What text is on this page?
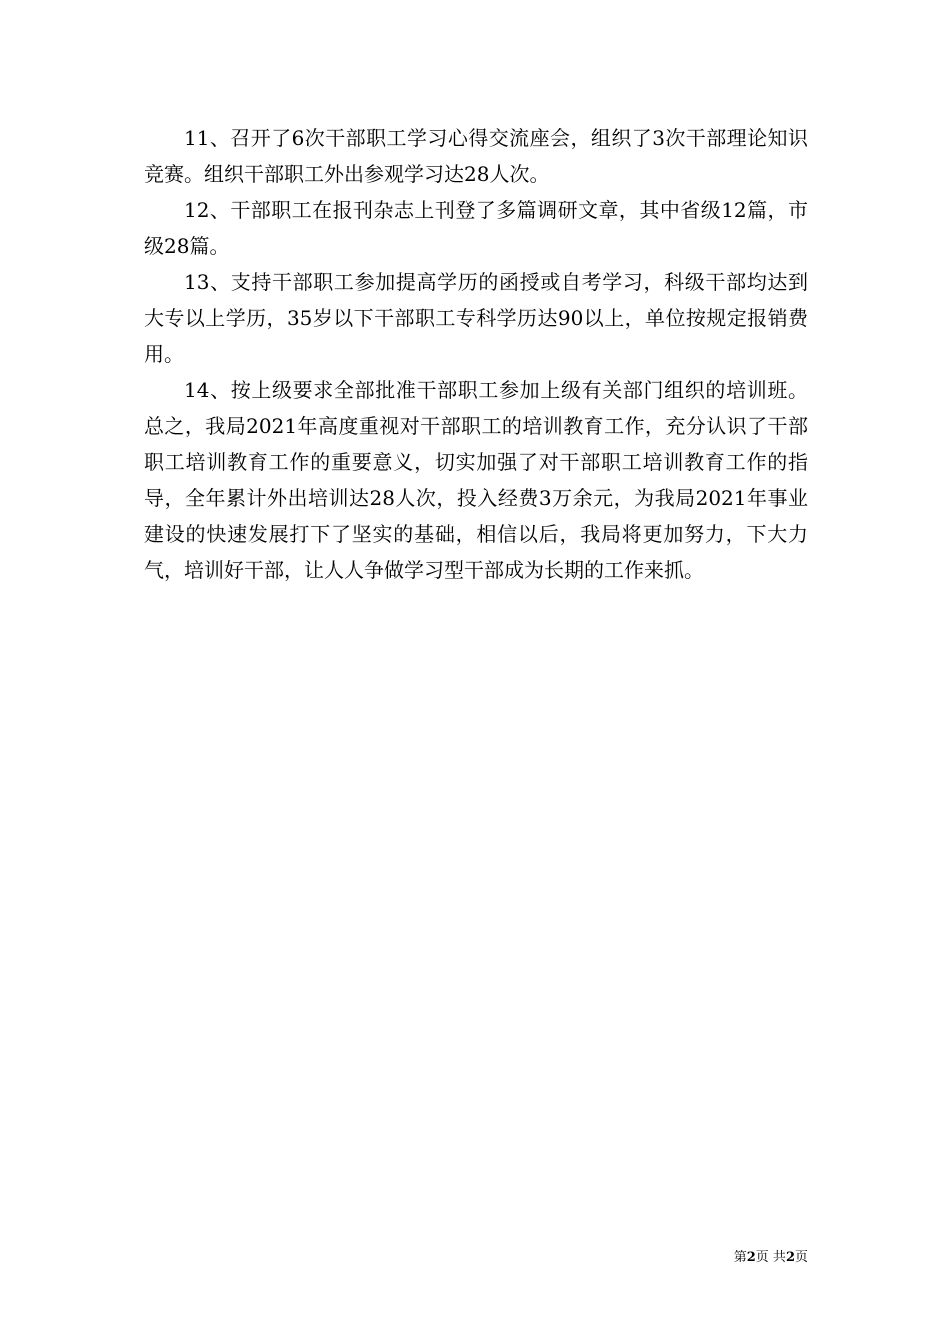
11、召开了6次干部职工学习心得交流座会，组织了3次干部理论知识竞赛。组织干部职工外出参观学习达28人次。

12、干部职工在报刊杂志上刊登了多篇调研文章，其中省级12篇，市级28篇。

13、支持干部职工参加提高学历的函授或自考学习，科级干部均达到大专以上学历，35岁以下干部职工专科学历达90以上，单位按规定报销费用。

14、按上级要求全部批准干部职工参加上级有关部门组织的培训班。总之，我局2021年高度重视对干部职工的培训教育工作，充分认识了干部职工培训教育工作的重要意义，切实加强了对干部职工培训教育工作的指导，全年累计外出培训达28人次，投入经费3万余元，为我局2021年事业建设的快速发展打下了坚实的基础，相信以后，我局将更加努力，下大力气，培训好干部，让人人争做学习型干部成为长期的工作来抓。

第2页 共2页
